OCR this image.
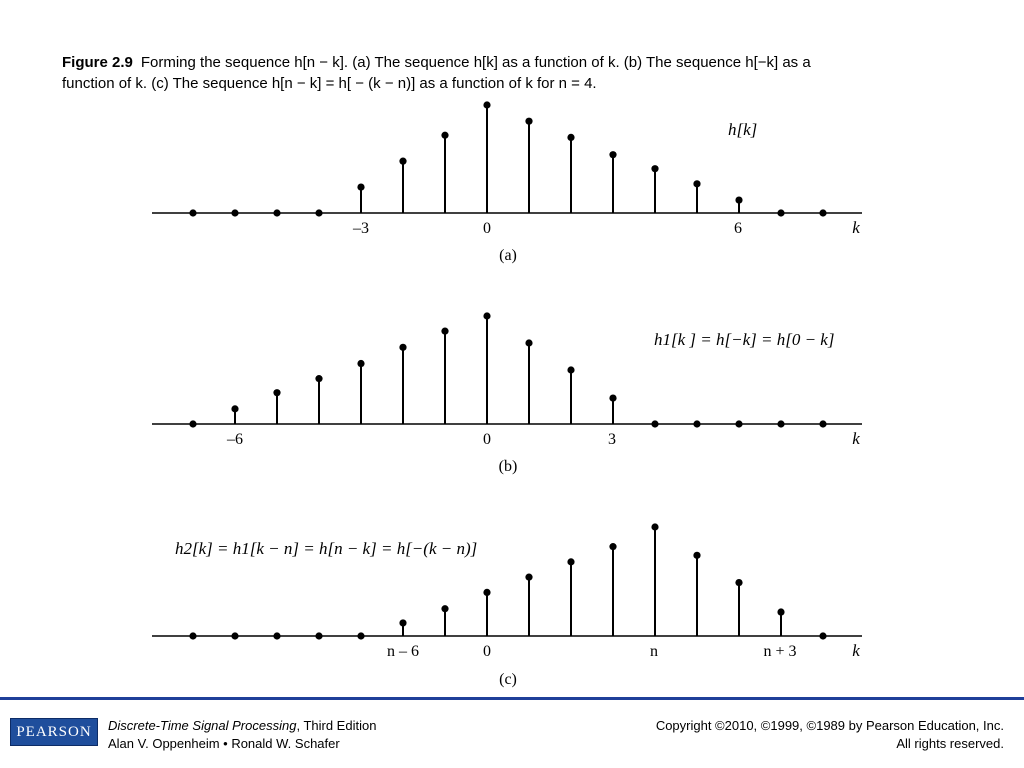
Figure 2.9 Forming the sequence h[n − k]. (a) The sequence h[k] as a function of k. (b) The sequence h[−k] as a
function of k. (c) The sequence h[n − k] = h[ − (k − n)] as a function of k for n = 4.
–3	0	6	k
h[k]
(a)
–6	0	3	k
h1[k ] = h[−k] = h[0 − k]
(b)
n – 6	0	n	n + 3	k
h2[k] = h1[k − n] = h[n − k] = h[−(k − n)]
(c)
PEARSON	Discrete-Time Signal Processing, Third Edition
Alan V. Oppenheim • Ronald W. Schafer
Copyright ©2010, ©1999, ©1989 by Pearson Education, Inc.
All rights reserved.
